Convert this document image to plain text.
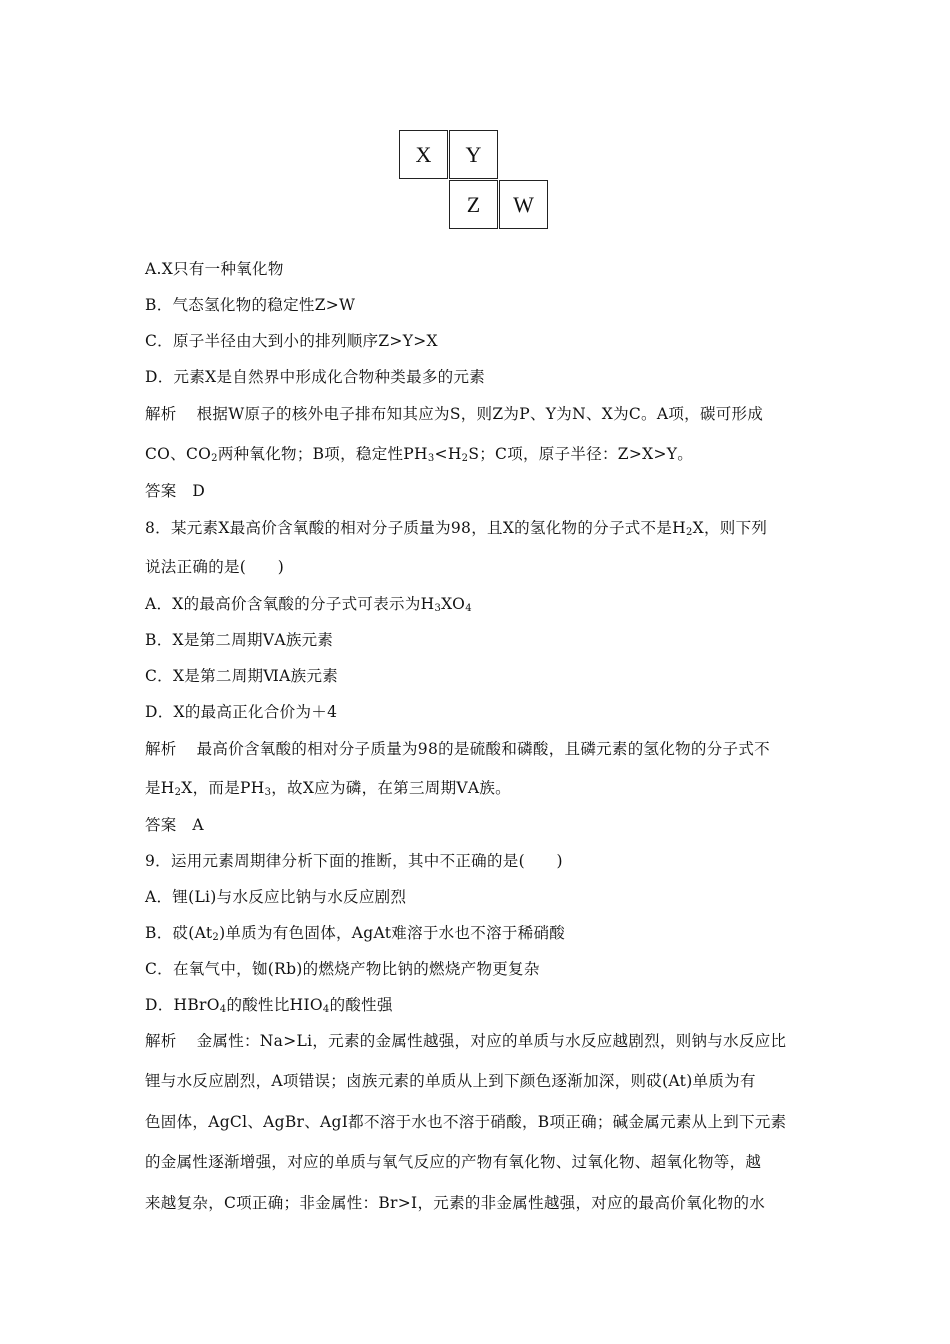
X	Y
Z	W
A.X只有一种氧化物
B．气态氢化物的稳定性Z>W
C．原子半径由大到小的排列顺序Z>Y>X
D．元素X是自然界中形成化合物种类最多的元素
解析 根据W原子的核外电子排布知其应为S，则Z为P、Y为N、X为C。A项，碳可形成
CO、$CO_2$两种氧化物；B项，稳定性$PH_3<H_2S$；C项，原子半径：Z>X>Y。
答案　D
8．某元素X最高价含氧酸的相对分子质量为98，且X的氢化物的分子式不是$H_2X$，则下列
说法正确的是(　　)
A．X的最高价含氧酸的分子式可表示为$H_3XO_4$
B．X是第二周期ⅤA族元素
C．X是第二周期ⅥA族元素
D．X的最高正化合价为＋4
解析 最高价含氧酸的相对分子质量为98的是硫酸和磷酸，且磷元素的氢化物的分子式不
是$H_2X$，而是$PH_3$，故X应为磷，在第三周期ⅤA族。
答案　A
9．运用元素周期律分析下面的推断，其中不正确的是(　　)
A．锂(Li)与水反应比钠与水反应剧烈
B．砹$(At_2)$单质为有色固体，AgAt难溶于水也不溶于稀硝酸
C．在氧气中，铷(Rb)的燃烧产物比钠的燃烧产物更复杂
D．HBrO$_4$的酸性比$HIO_4$的酸性强
解析 金属性：Na>Li，元素的金属性越强，对应的单质与水反应越剧烈，则钠与水反应比
锂与水反应剧烈，A项错误；卤族元素的单质从上到下颜色逐渐加深，则砹(At)单质为有
色固体，AgCl、AgBr、AgI都不溶于水也不溶于硝酸，B项正确；碱金属元素从上到下元素
的金属性逐渐增强，对应的单质与氧气反应的产物有氧化物、过氧化物、超氧化物等，越
来越复杂，C项正确；非金属性：Br>I，元素的非金属性越强，对应的最高价氧化物的水
